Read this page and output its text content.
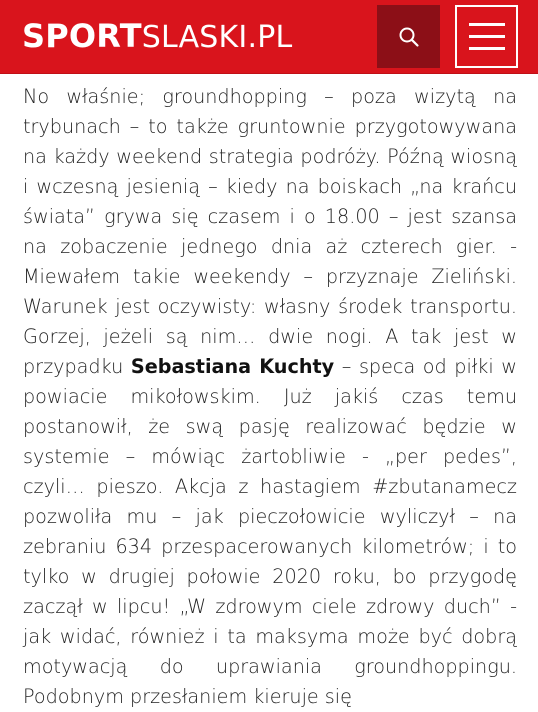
SPORTSLASKI.PL

No właśnie; groundhopping – poza wizytą na trybunach – to także gruntownie przygotowywana na każdy weekend strategia podróży. Późną wiosną i wczesną jesienią – kiedy na boiskach „na krańcu świata” grywa się czasem i o 18.00 – jest szansa na zobaczenie jednego dnia aż czterech gier. - Miewałem takie weekendy – przyznaje Zieliński. Warunek jest oczywisty: własny środek transportu. Gorzej, jeżeli są nim… dwie nogi. A tak jest w przypadku Sebastiana Kuchty – speca od piłki w powiacie mikołowskim. Już jakiś czas temu postanowił, że swą pasję realizować będzie w systemie – mówiąc żartobliwie - „per pedes”, czyli… pieszo. Akcja z hastagiem #zbutanamecz pozwoliła mu – jak pieczołowicie wyliczył – na zebraniu 634 przespacerowanych kilometrów; i to tylko w drugiej połowie 2020 roku, bo przygodę zaczął w lipcu! „W zdrowym ciele zdrowy duch” - jak widać, również i ta maksyma może być dobrą motywacją do uprawiania groundhoppingu. Podobnym przesłaniem kieruje się
